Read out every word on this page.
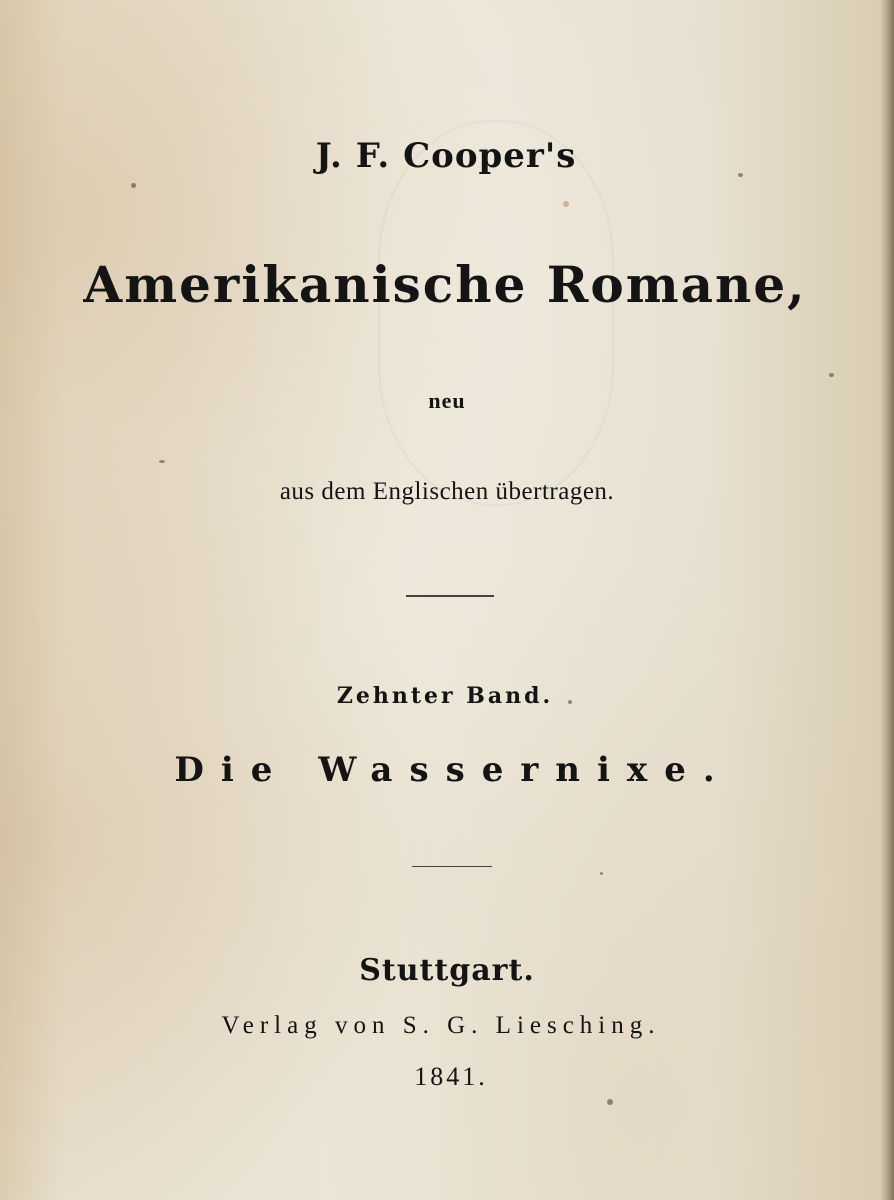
J. F. Cooper's
Amerikanische Romane,
neu
aus dem Englischen übertragen.
Zehnter Band.
Die Wassernixe.
Stuttgart.
Verlag von S. G. Liesching.
1841.
